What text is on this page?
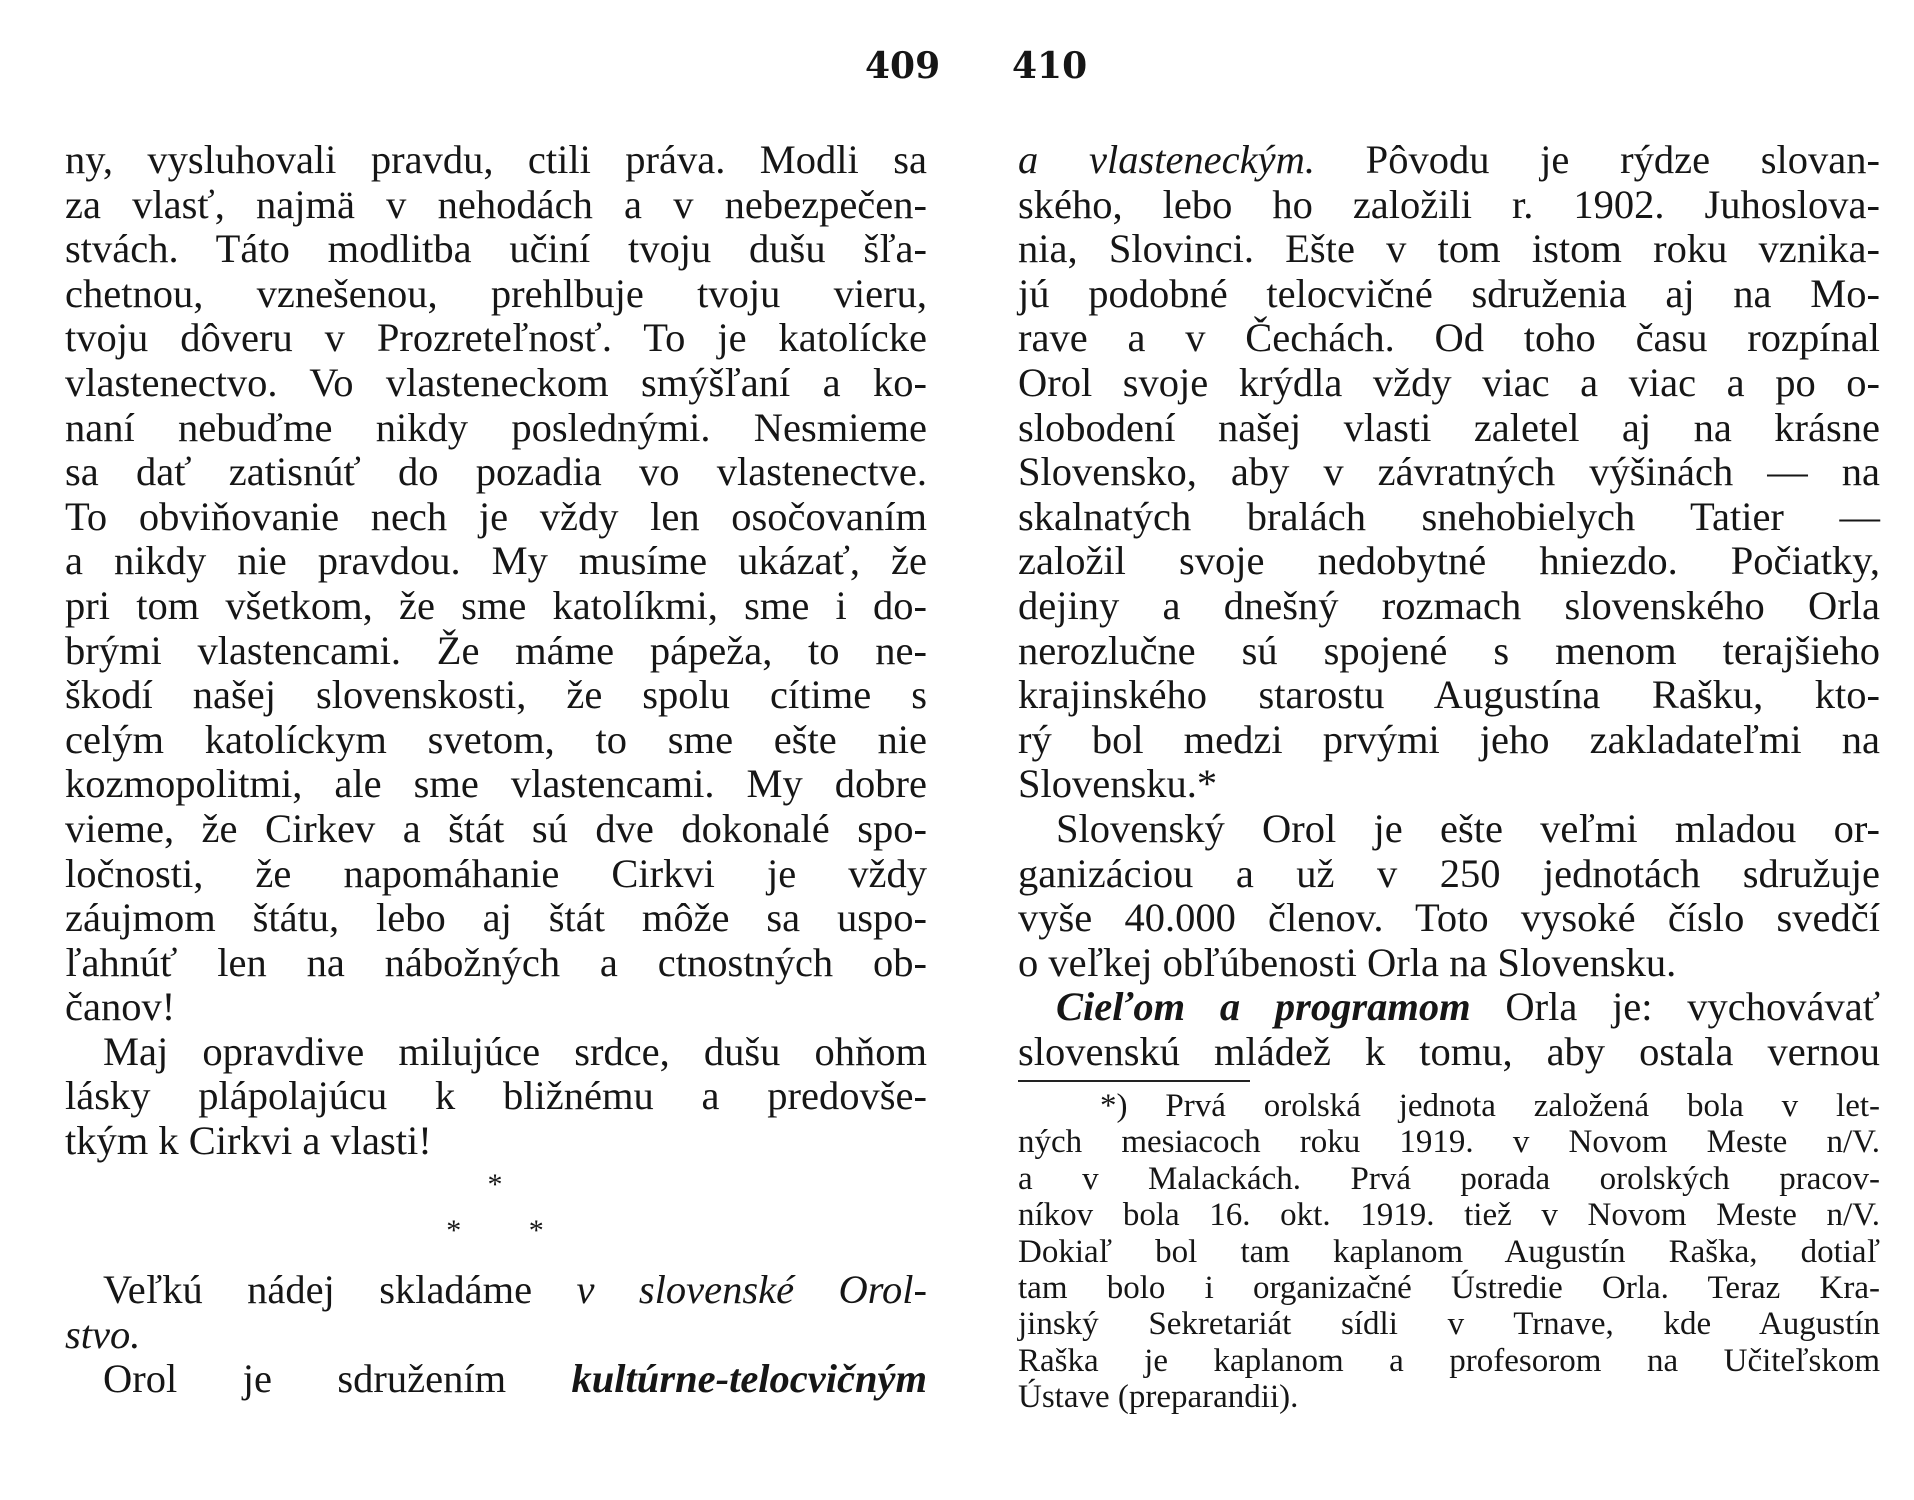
409 410
ny, vysluhovali pravdu, ctili práva. Modli sa
za vlasť, najmä v nehodách a v nebezpečen-
stvách. Táto modlitba učiní tvoju dušu šľa-
chetnou, vznešenou, prehlbuje tvoju vieru,
tvoju dôveru v Prozreteľnosť. To je katolícke
vlastenectvo. Vo vlasteneckom smýšľaní a ko-
naní nebuďme nikdy poslednými. Nesmieme
sa dať zatisnúť do pozadia vo vlastenectve.
To obviňovanie nech je vždy len osočovaním
a nikdy nie pravdou. My musíme ukázať, že
pri tom všetkom, že sme katolíkmi, sme i do-
brými vlastencami. Že máme pápeža, to ne-
škodí našej slovenskosti, že spolu cítime s
celým katolíckym svetom, to sme ešte nie
kozmopolitmi, ale sme vlastencami. My dobre
vieme, že Cirkev a štát sú dve dokonalé spo-
ločnosti, že napomáhanie Cirkvi je vždy
záujmom štátu, lebo aj štát môže sa uspo-
ľahnúť len na nábožných a ctnostných ob-
čanov!
Maj opravdive milujúce srdce, dušu ohňom
lásky plápolajúcu k bližnému a predovše-
tkým k Cirkvi a vlasti!
*
* *
Veľkú nádej skladáme v slovenské Orol-
stvo.
Orol je sdružením kultúrne-telocvičným
a vlasteneckým. Pôvodu je rýdze slovan-
ského, lebo ho založili r. 1902. Juhoslova-
nia, Slovinci. Ešte v tom istom roku vznika-
jú podobné telocvičné sdruženia aj na Mo-
rave a v Čechách. Od toho času rozpínal
Orol svoje krýdla vždy viac a viac a po o-
slobodení našej vlasti zaletel aj na krásne
Slovensko, aby v závratných výšinách — na
skalnatých bralách snehobielych Tatier —
založil svoje nedobytné hniezdo. Počiatky,
dejiny a dnešný rozmach slovenského Orla
nerozlučne sú spojené s menom terajšieho
krajinského starostu Augustína Rašku, kto-
rý bol medzi prvými jeho zakladateľmi na
Slovensku.*
Slovenský Orol je ešte veľmi mladou or-
ganizáciou a už v 250 jednotách sdružuje
vyše 40.000 členov. Toto vysoké číslo svedčí
o veľkej obľúbenosti Orla na Slovensku.
Cieľom a programom Orla je: vychovávať
slovenskú mládež k tomu, aby ostala vernou
*) Prvá orolská jednota založená bola v let-
ných mesiacoch roku 1919. v Novom Meste n/V.
a v Malackách. Prvá porada orolských pracov-
níkov bola 16. okt. 1919. tiež v Novom Meste n/V.
Dokiaľ bol tam kaplanom Augustín Raška, dotiaľ
tam bolo i organizačné Ústredie Orla. Teraz Kra-
jinský Sekretariát sídli v Trnave, kde Augustín
Raška je kaplanom a profesorom na Učiteľskom
Ústave (preparandii).
